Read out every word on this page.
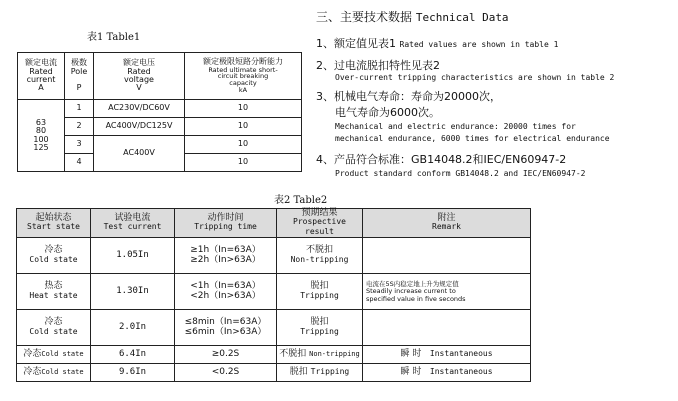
表1 Table1
额定电流
Rated
current
A	极数
Pole

P	额定电压
Rated
voltage
V	额定极限短路分断能力
Rated ultimate short-
circuit breaking
capacity
kA

63
80
100
125	1	AC230V/DC60V	10
	2	AC400V/DC125V	10
	3	AC400V	10
	4		10
三、主要技术数据 Technical Data
1、额定值见表1 Rated values are shown in table 1
2、过电流脱扣特性见表2
Over-current tripping characteristics are shown in table 2
3、机械电气寿命：寿命为20000次，
电气寿命为6000次。
Mechanical and electric endurance: 20000 times for
mechanical endurance, 6000 times for electrical endurance
4、产品符合标准：GB14048.2和IEC/EN60947-2
Product standard conform GB14048.2 and IEC/EN60947-2
表2 Table2
起始状态
Start state	试验电流
Test current	动作时间
Tripping time	预期结果
Prospective result	附注
Remark
冷态
Cold state	1.05In	≥1h（In=63A）
≥2h（In>63A）	不脱扣
Non-tripping	
热态
Heat state	1.30In	<1h（In=63A）
<2h（In>63A）	脱扣
Tripping	电流在5S内稳定地上升为规定值
Steadily increase current to
specified value in five seconds
冷态
Cold state	2.0In	≤8min（In=63A）
≤6min（In>63A）	脱扣
Tripping	
冷态Cold state	6.4In	≥0.2S	不脱扣 Non-tripping	瞬 时 Instantaneous
冷态Cold state	9.6In	<0.2S	脱扣 Tripping	瞬 时 Instantaneous
